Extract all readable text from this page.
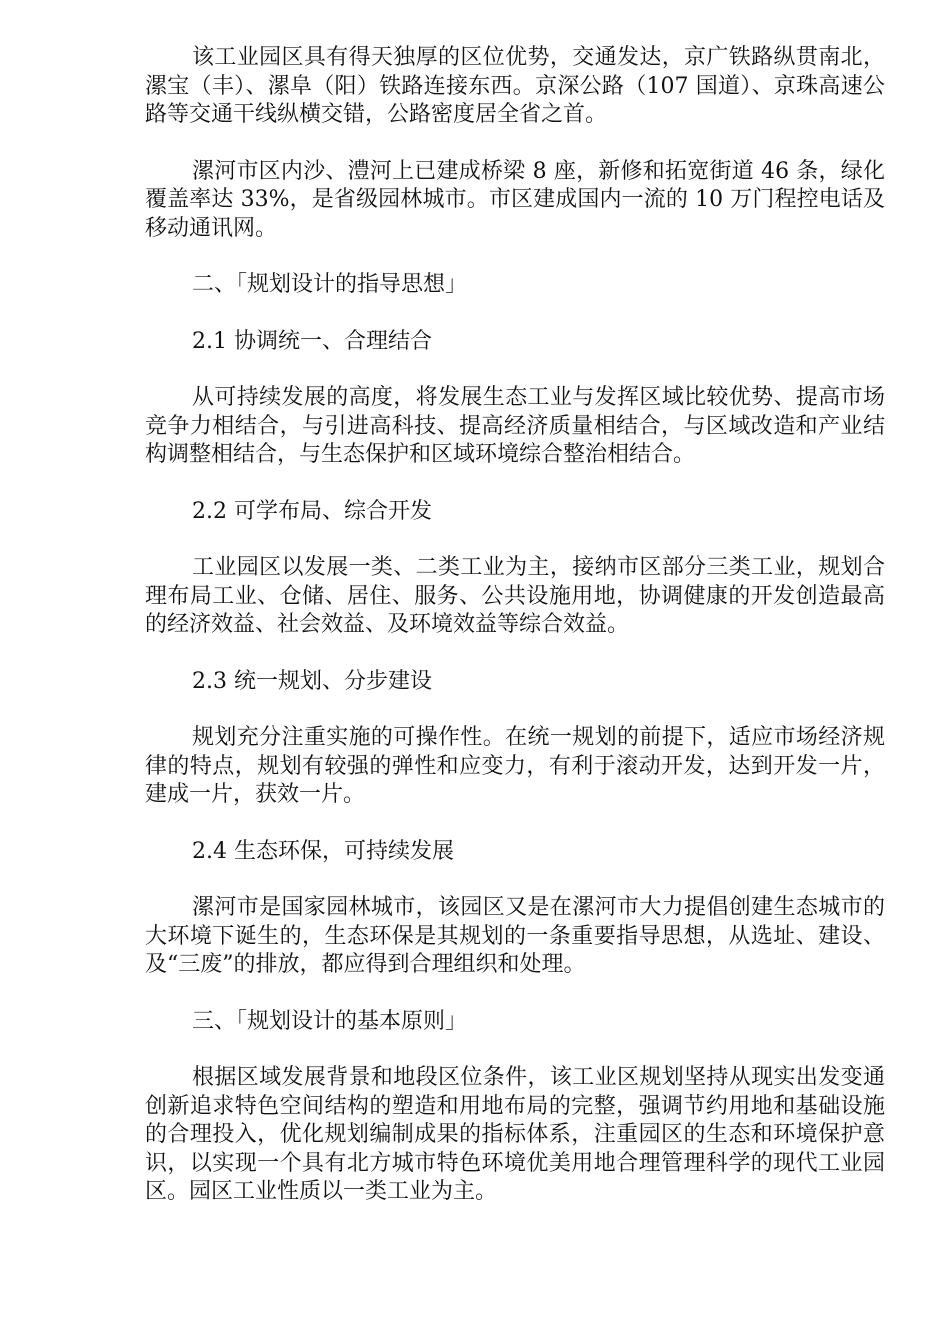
该工业园区具有得天独厚的区位优势，交通发达，京广铁路纵贯南北，漯宝（丰）、漯阜（阳）铁路连接东西。京深公路（107 国道）、京珠高速公路等交通干线纵横交错，公路密度居全省之首。

漯河市区内沙、澧河上已建成桥梁 8 座，新修和拓宽街道 46 条，绿化覆盖率达 33%，是省级园林城市。市区建成国内一流的 10 万门程控电话及移动通讯网。

二、「规划设计的指导思想」

2.1 协调统一、合理结合

从可持续发展的高度，将发展生态工业与发挥区域比较优势、提高市场竞争力相结合，与引进高科技、提高经济质量相结合，与区域改造和产业结构调整相结合，与生态保护和区域环境综合整治相结合。

2.2 可学布局、综合开发

工业园区以发展一类、二类工业为主，接纳市区部分三类工业，规划合理布局工业、仓储、居住、服务、公共设施用地，协调健康的开发创造最高的经济效益、社会效益、及环境效益等综合效益。

2.3 统一规划、分步建设

规划充分注重实施的可操作性。在统一规划的前提下，适应市场经济规律的特点，规划有较强的弹性和应变力，有利于滚动开发，达到开发一片，建成一片，获效一片。

2.4 生态环保，可持续发展

漯河市是国家园林城市，该园区又是在漯河市大力提倡创建生态城市的大环境下诞生的，生态环保是其规划的一条重要指导思想，从选址、建设、及“三废”的排放，都应得到合理组织和处理。

三、「规划设计的基本原则」

根据区域发展背景和地段区位条件，该工业区规划坚持从现实出发变通创新追求特色空间结构的塑造和用地布局的完整，强调节约用地和基础设施的合理投入，优化规划编制成果的指标体系，注重园区的生态和环境保护意识，以实现一个具有北方城市特色环境优美用地合理管理科学的现代工业园区。园区工业性质以一类工业为主。
